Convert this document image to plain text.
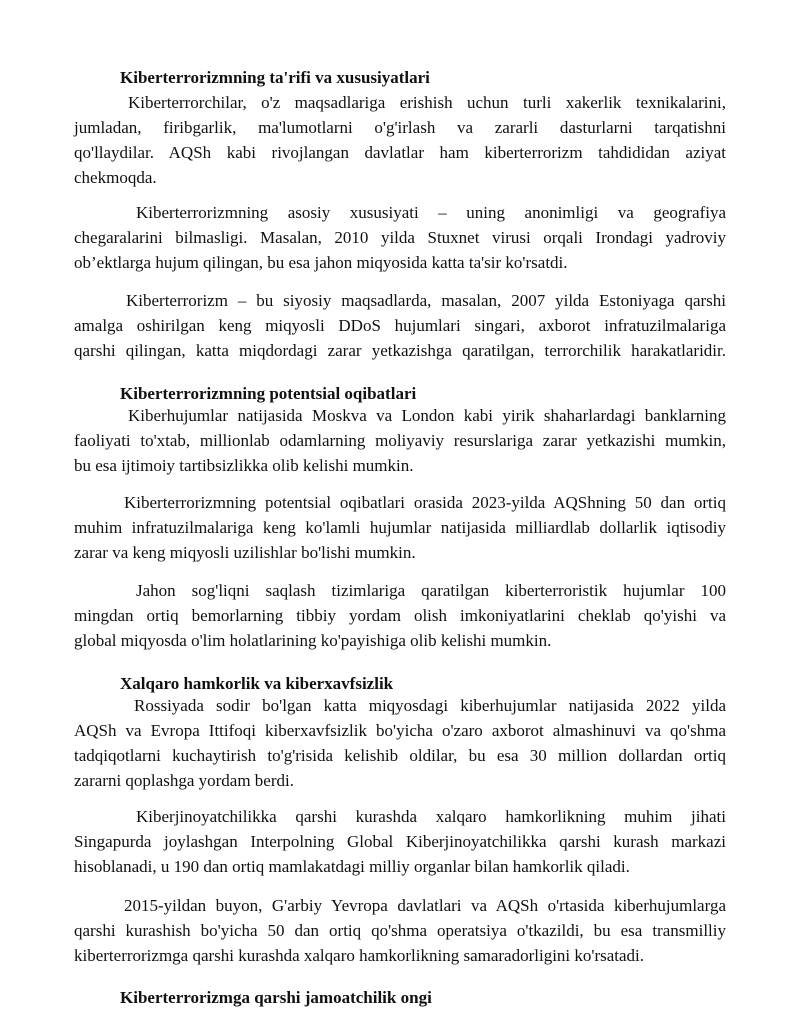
Kiberterrorizmning ta'rifi va xususiyatlari
Kiberterrorchilar, o'z maqsadlariga erishish uchun turli xakerlik texnikalarini,
jumladan, firibgarlik, ma'lumotlarni o'g'irlash va zararli dasturlarni tarqatishni
qo'llaydilar. AQSh kabi rivojlangan davlatlar ham kiberterrorizm tahdididan aziyat
chekmoqda.
Kiberterrorizmning asosiy xususiyati – uning anonimligi va geografiya
chegaralarini bilmasligi. Masalan, 2010 yilda Stuxnet virusi orqali Irondagi yadroviy
ob’ektlarga hujum qilingan, bu esa jahon miqyosida katta ta'sir ko'rsatdi.
Kiberterrorizm – bu siyosiy maqsadlarda, masalan, 2007 yilda Estoniyaga qarshi
amalga oshirilgan keng miqyosli DDoS hujumlari singari, axborot infratuzilmalariga
qarshi qilingan, katta miqdordagi zarar yetkazishga qaratilgan, terrorchilik harakatlaridir.
Kiberterrorizmning potentsial oqibatlari
Kiberhujumlar natijasida Moskva va London kabi yirik shaharlardagi banklarning
faoliyati to'xtab, millionlab odamlarning moliyaviy resurslariga zarar yetkazishi mumkin,
bu esa ijtimoiy tartibsizlikka olib kelishi mumkin.
Kiberterrorizmning potentsial oqibatlari orasida 2023-yilda AQShning 50 dan ortiq
muhim infratuzilmalariga keng ko'lamli hujumlar natijasida milliardlab dollarlik iqtisodiy
zarar va keng miqyosli uzilishlar bo'lishi mumkin.
Jahon sog'liqni saqlash tizimlariga qaratilgan kiberterroristik hujumlar 100
mingdan ortiq bemorlarning tibbiy yordam olish imkoniyatlarini cheklab qo'yishi va
global miqyosda o'lim holatlarining ko'payishiga olib kelishi mumkin.
Xalqaro hamkorlik va kiberxavfsizlik
Rossiyada sodir bo'lgan katta miqyosdagi kiberhujumlar natijasida 2022 yilda
AQSh va Evropa Ittifoqi kiberxavfsizlik bo'yicha o'zaro axborot almashinuvi va qo'shma
tadqiqotlarni kuchaytirish to'g'risida kelishib oldilar, bu esa 30 million dollardan ortiq
zararni qoplashga yordam berdi.
Kiberjinoyatchilikka qarshi kurashda xalqaro hamkorlikning muhim jihati
Singapurda joylashgan Interpolning Global Kiberjinoyatchilikka qarshi kurash markazi
hisoblanadi, u 190 dan ortiq mamlakatdagi milliy organlar bilan hamkorlik qiladi.
2015-yildan buyon, G'arbiy Yevropa davlatlari va AQSh o'rtasida kiberhujumlarga
qarshi kurashish bo'yicha 50 dan ortiq qo'shma operatsiya o'tkazildi, bu esa transmilliy
kiberterrorizmga qarshi kurashda xalqaro hamkorlikning samaradorligini ko'rsatadi.
Kiberterrorizmga qarshi jamoatchilik ongi
